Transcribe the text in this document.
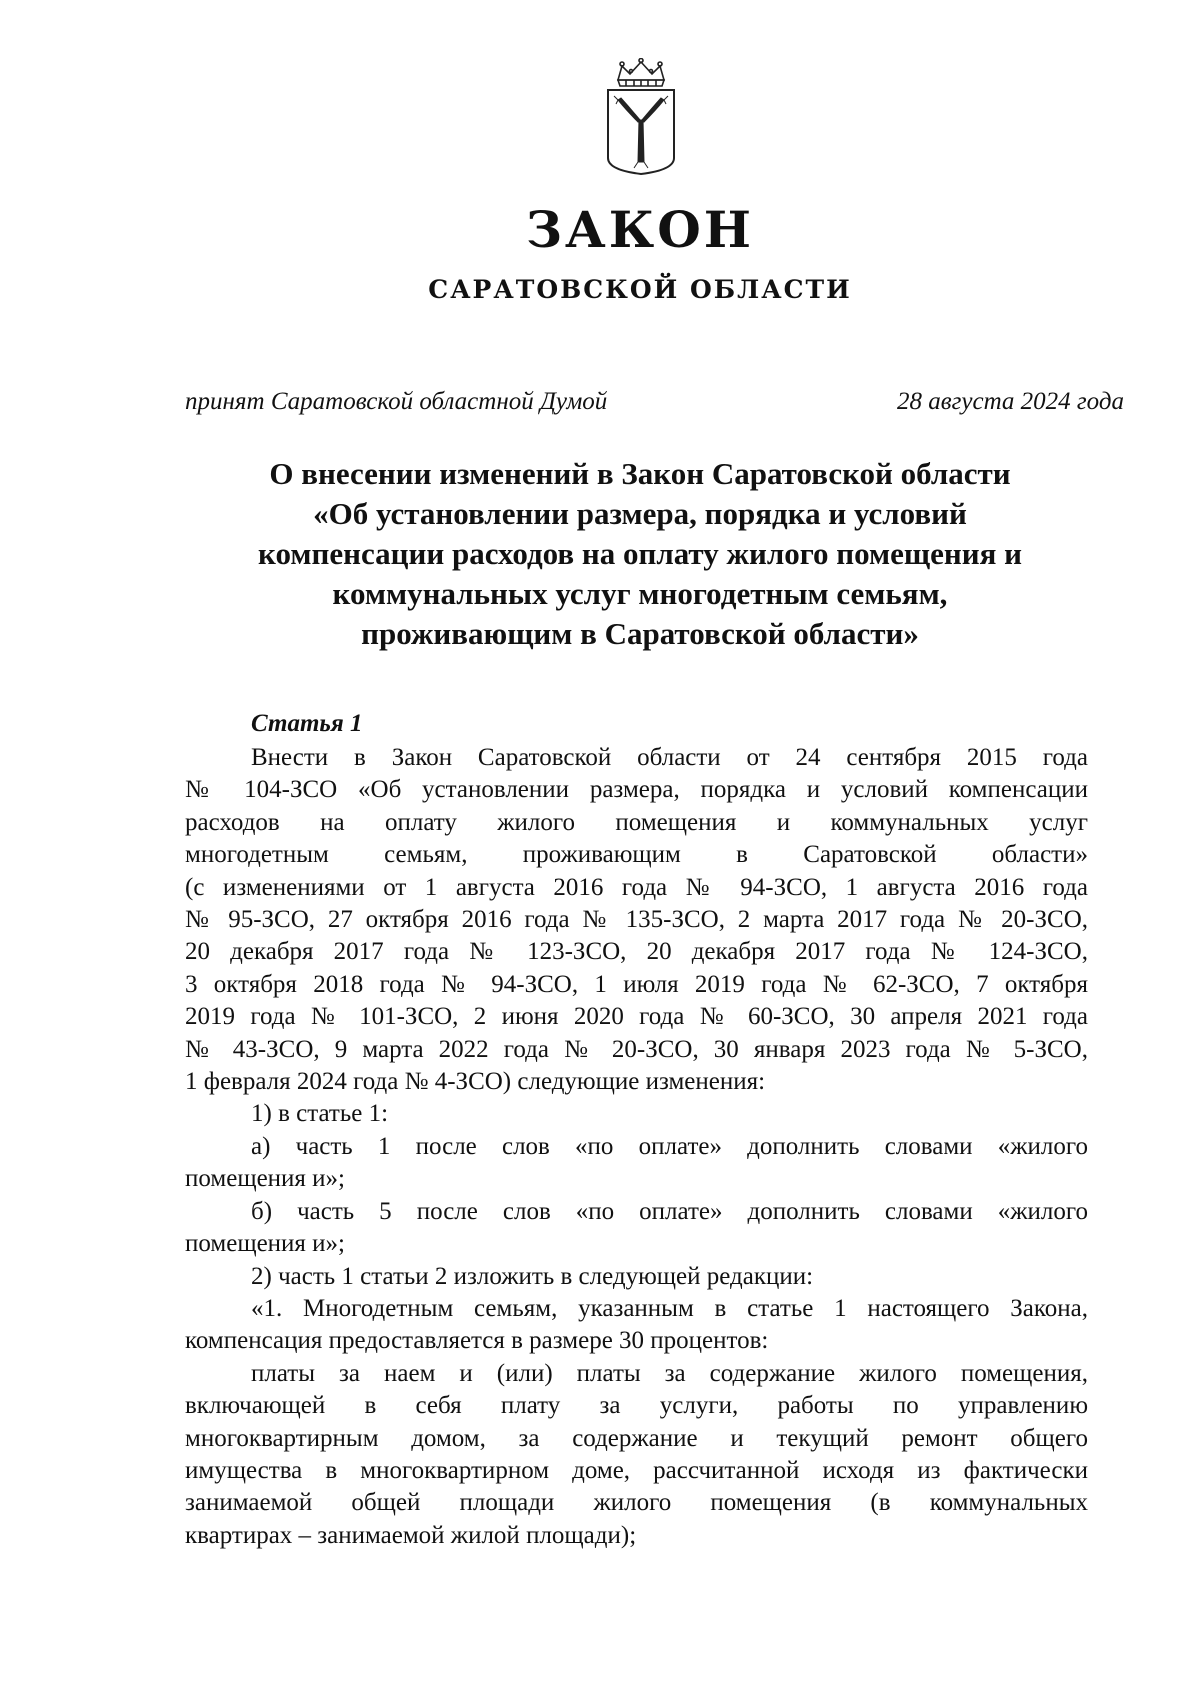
ЗАКОН
САРАТОВСКОЙ ОБЛАСТИ
принят Саратовской областной Думой	28 августа 2024 года
О внесении изменений в Закон Саратовской области
«Об установлении размера, порядка и условий
компенсации расходов на оплату жилого помещения и
коммунальных услуг многодетным семьям,
проживающим в Саратовской области»
Статья 1
Внести в Закон Саратовской области от 24 сентября 2015 года
№ 104-ЗСО «Об установлении размера, порядка и условий компенсации
расходов на оплату жилого помещения и коммунальных услуг
многодетным семьям, проживающим в Саратовской области»
(с изменениями от 1 августа 2016 года № 94-ЗСО, 1 августа 2016 года
№ 95-ЗСО, 27 октября 2016 года № 135-ЗСО, 2 марта 2017 года № 20-ЗСО,
20 декабря 2017 года № 123-ЗСО, 20 декабря 2017 года № 124-ЗСО,
3 октября 2018 года № 94-ЗСО, 1 июля 2019 года № 62-ЗСО, 7 октября
2019 года № 101-ЗСО, 2 июня 2020 года № 60-ЗСО, 30 апреля 2021 года
№ 43-ЗСО, 9 марта 2022 года № 20-ЗСО, 30 января 2023 года № 5-ЗСО,
1 февраля 2024 года № 4-ЗСО) следующие изменения:
1) в статье 1:
а) часть 1 после слов «по оплате» дополнить словами «жилого
помещения и»;
б) часть 5 после слов «по оплате» дополнить словами «жилого
помещения и»;
2) часть 1 статьи 2 изложить в следующей редакции:
«1. Многодетным семьям, указанным в статье 1 настоящего Закона,
компенсация предоставляется в размере 30 процентов:
платы за наем и (или) платы за содержание жилого помещения,
включающей в себя плату за услуги, работы по управлению
многоквартирным домом, за содержание и текущий ремонт общего
имущества в многоквартирном доме, рассчитанной исходя из фактически
занимаемой общей площади жилого помещения (в коммунальных
квартирах – занимаемой жилой площади);
